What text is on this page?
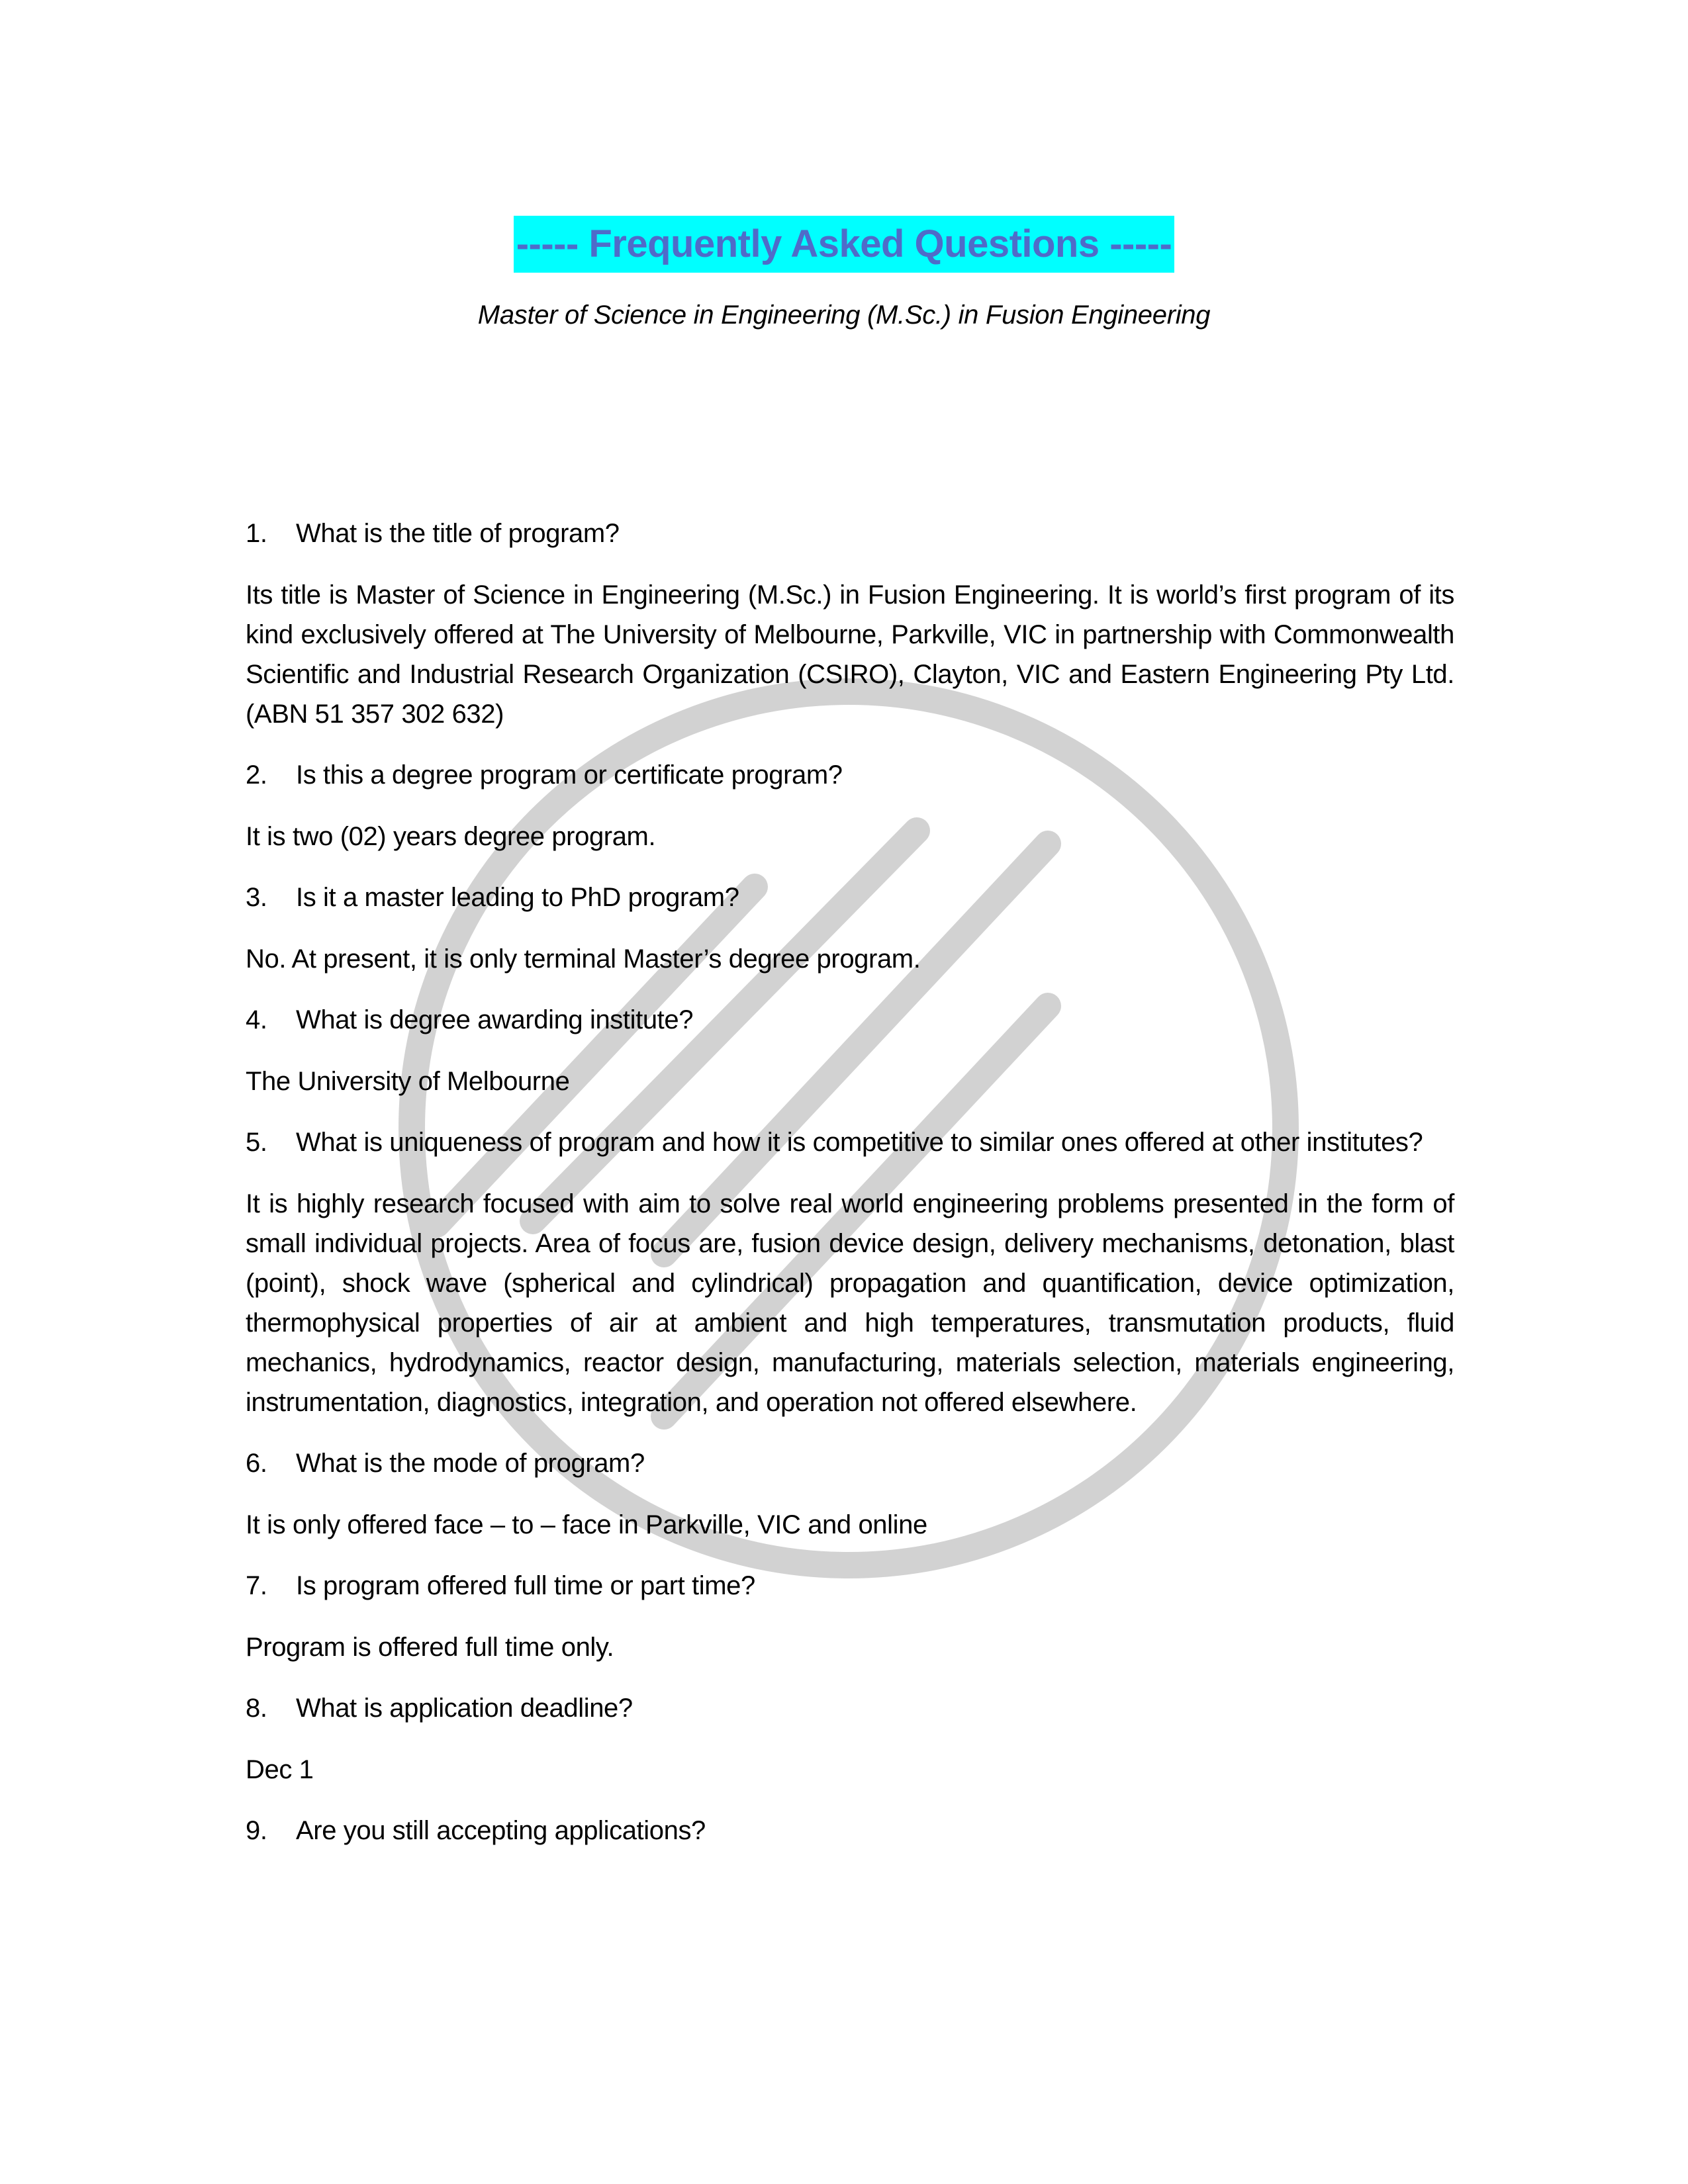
----- Frequently Asked Questions -----
Master of Science in Engineering (M.Sc.) in Fusion Engineering
1.	What is the title of program?

Its title is Master of Science in Engineering (M.Sc.) in Fusion Engineering. It is world’s first program of its kind exclusively offered at The University of Melbourne, Parkville, VIC in partnership with Commonwealth Scientific and Industrial Research Organization (CSIRO), Clayton, VIC and Eastern Engineering Pty Ltd. (ABN 51 357 302 632)

2.	Is this a degree program or certificate program?

It is two (02) years degree program.

3.	Is it a master leading to PhD program?

No. At present, it is only terminal Master’s degree program.

4.	What is degree awarding institute?

The University of Melbourne

5.	What is uniqueness of program and how it is competitive to similar ones offered at other institutes?

It is highly research focused with aim to solve real world engineering problems presented in the form of small individual projects. Area of focus are, fusion device design, delivery mechanisms, detonation, blast (point), shock wave (spherical and cylindrical) propagation and quantification, device optimization, thermophysical properties of air at ambient and high temperatures, transmutation products, fluid mechanics, hydrodynamics, reactor design, manufacturing, materials selection, materials engineering, instrumentation, diagnostics, integration, and operation not offered elsewhere.

6.	What is the mode of program?

It is only offered face – to – face in Parkville, VIC and online

7.	Is program offered full time or part time?

Program is offered full time only.

8.	What is application deadline?

Dec 1

9.	Are you still accepting applications?
